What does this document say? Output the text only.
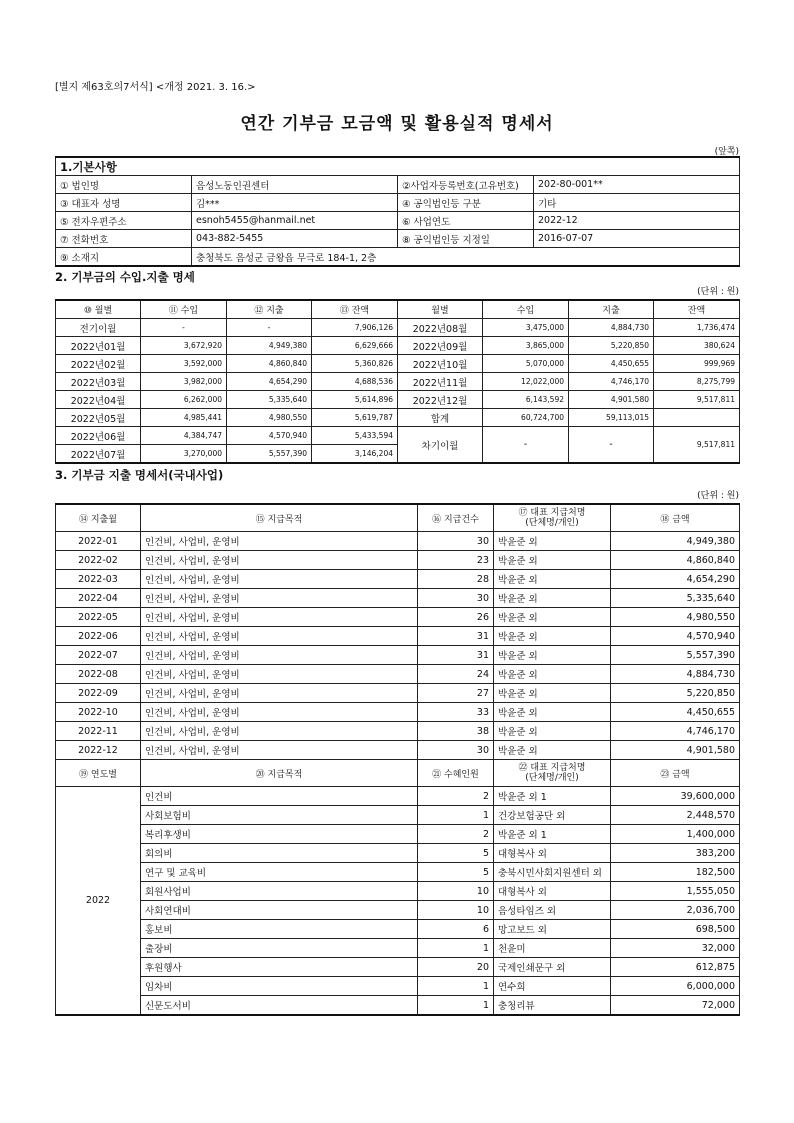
[별지 제63호의7서식] <개정 2021. 3. 16.>
연간 기부금 모금액 및 활용실적 명세서
(앞쪽)
1.기본사항			
① 법인명	음성노동인권센터	②사업자등록번호(고유번호)	202-80-001**
③ 대표자 성명	김***	④ 공익법인등 구분	기타
⑤ 전자우편주소	esnoh5455@hanmail.net	⑥ 사업연도	2022-12
⑦ 전화번호	043-882-5455	⑧ 공익법인등 지정일	2016-07-07
⑨ 소재지	충청북도 음성군 금왕읍 무극로 184-1, 2층		
2. 기부금의 수입.지출 명세
(단위 : 원)
⑩ 월별	⑪ 수입	⑫ 지출	⑬ 잔액	월별	수입	지출	잔액
전기이월	-	-	7,906,126	2022년08월	3,475,000	4,884,730	1,736,474
2022년01월	3,672,920	4,949,380	6,629,666	2022년09월	3,865,000	5,220,850	380,624
2022년02월	3,592,000	4,860,840	5,360,826	2022년10월	5,070,000	4,450,655	999,969
2022년03월	3,982,000	4,654,290	4,688,536	2022년11월	12,022,000	4,746,170	8,275,799
2022년04월	6,262,000	5,335,640	5,614,896	2022년12월	6,143,592	4,901,580	9,517,811
2022년05월	4,985,441	4,980,550	5,619,787	합계	60,724,700	59,113,015	
2022년06월	4,384,747	4,570,940	5,433,594	차기이월	-	-	9,517,811
2022년07월	3,270,000	5,557,390	3,146,204				
3. 기부금 지출 명세서(국내사업)
(단위 : 원)
⑭ 지출월	⑮ 지급목적	⑯ 지급건수	⑰ 대표 지급처명
(단체명/개인)	⑱ 금액
2022-01	인건비, 사업비, 운영비	30	박윤준 외	4,949,380
2022-02	인건비, 사업비, 운영비	23	박윤준 외	4,860,840
2022-03	인건비, 사업비, 운영비	28	박윤준 외	4,654,290
2022-04	인건비, 사업비, 운영비	30	박윤준 외	5,335,640
2022-05	인건비, 사업비, 운영비	26	박윤준 외	4,980,550
2022-06	인건비, 사업비, 운영비	31	박윤준 외	4,570,940
2022-07	인건비, 사업비, 운영비	31	박윤준 외	5,557,390
2022-08	인건비, 사업비, 운영비	24	박윤준 외	4,884,730
2022-09	인건비, 사업비, 운영비	27	박윤준 외	5,220,850
2022-10	인건비, 사업비, 운영비	33	박윤준 외	4,450,655
2022-11	인건비, 사업비, 운영비	38	박윤준 외	4,746,170
2022-12	인건비, 사업비, 운영비	30	박윤준 외	4,901,580
⑲ 연도별	⑳ 지급목적	㉑ 수혜인원	㉒ 대표 지급처명
(단체명/개인)	㉓ 금액
2022	인건비	2	박윤준 외 1	39,600,000
	사회보험비	1	건강보험공단 외	2,448,570
	복리후생비	2	박윤준 외 1	1,400,000
	회의비	5	대형복사 외	383,200
	연구 및 교육비	5	충북시민사회지원센터 외	182,500
	회원사업비	10	대형복사 외	1,555,050
	사회연대비	10	음성타임즈 외	2,036,700
	홍보비	6	망고보드 외	698,500
	출장비	1	천윤미	32,000
	후원행사	20	국제인쇄문구 외	612,875
	임차비	1	연수희	6,000,000
	신문도서비	1	충청리뷰	72,000
